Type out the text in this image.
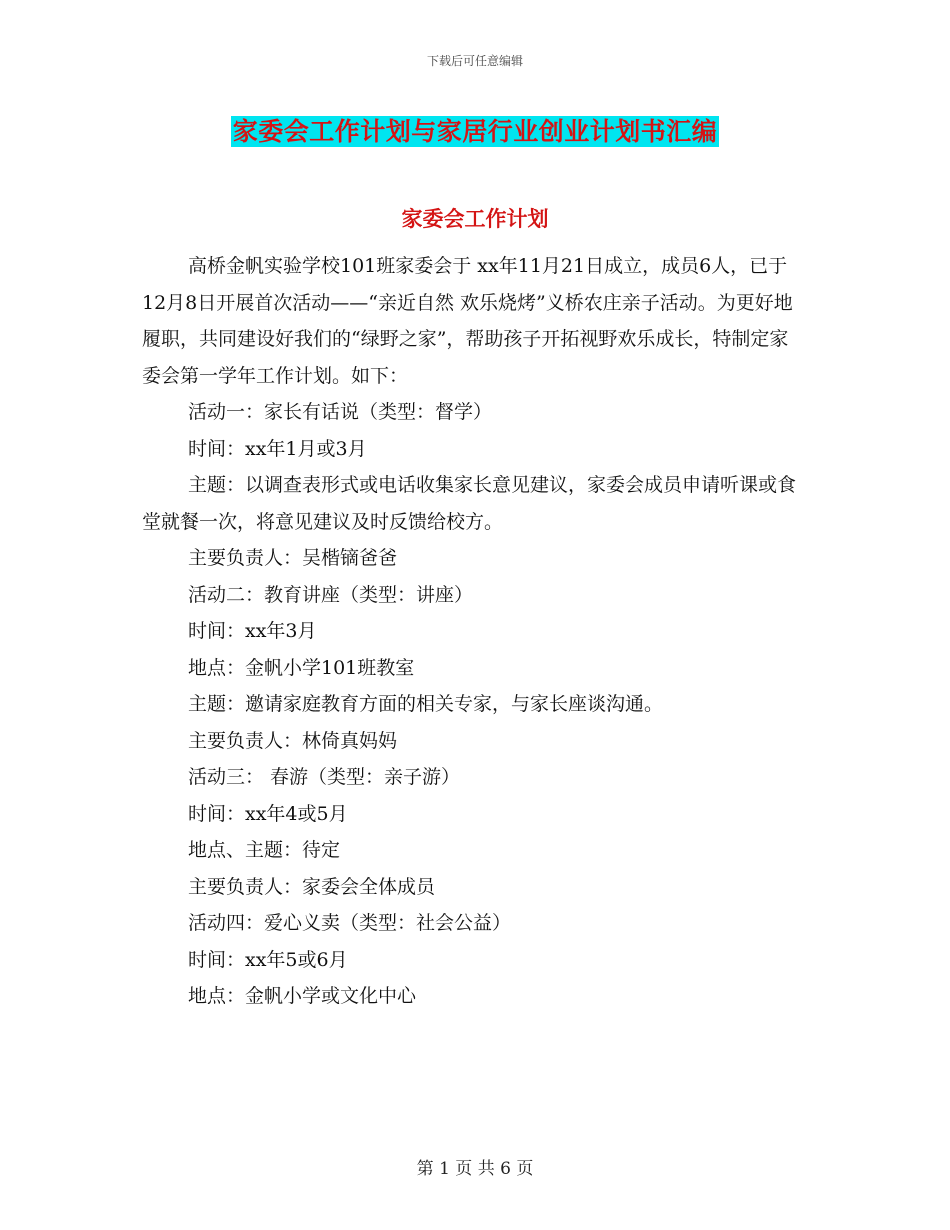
下载后可任意编辑
家委会工作计划与家居行业创业计划书汇编
家委会工作计划

高桥金帆实验学校101班家委会于 xx年11月21日成立，成员6人，已于12月8日开展首次活动——“亲近自然 欢乐烧烤”义桥农庄亲子活动。为更好地履职，共同建设好我们的“绿野之家”，帮助孩子开拓视野欢乐成长，特制定家委会第一学年工作计划。如下：

活动一：家长有话说（类型：督学）

时间：xx年1月或3月

主题：以调查表形式或电话收集家长意见建议，家委会成员申请听课或食堂就餐一次，将意见建议及时反馈给校方。

主要负责人：吴楷镝爸爸

活动二：教育讲座（类型：讲座）

时间：xx年3月

地点：金帆小学101班教室

主题：邀请家庭教育方面的相关专家，与家长座谈沟通。

主要负责人：林倚真妈妈

活动三： 春游（类型：亲子游）

时间：xx年4或5月

地点、主题：待定

主要负责人：家委会全体成员

活动四：爱心义卖（类型：社会公益）

时间：xx年5或6月

地点：金帆小学或文化中心

第 1 页 共 6 页
